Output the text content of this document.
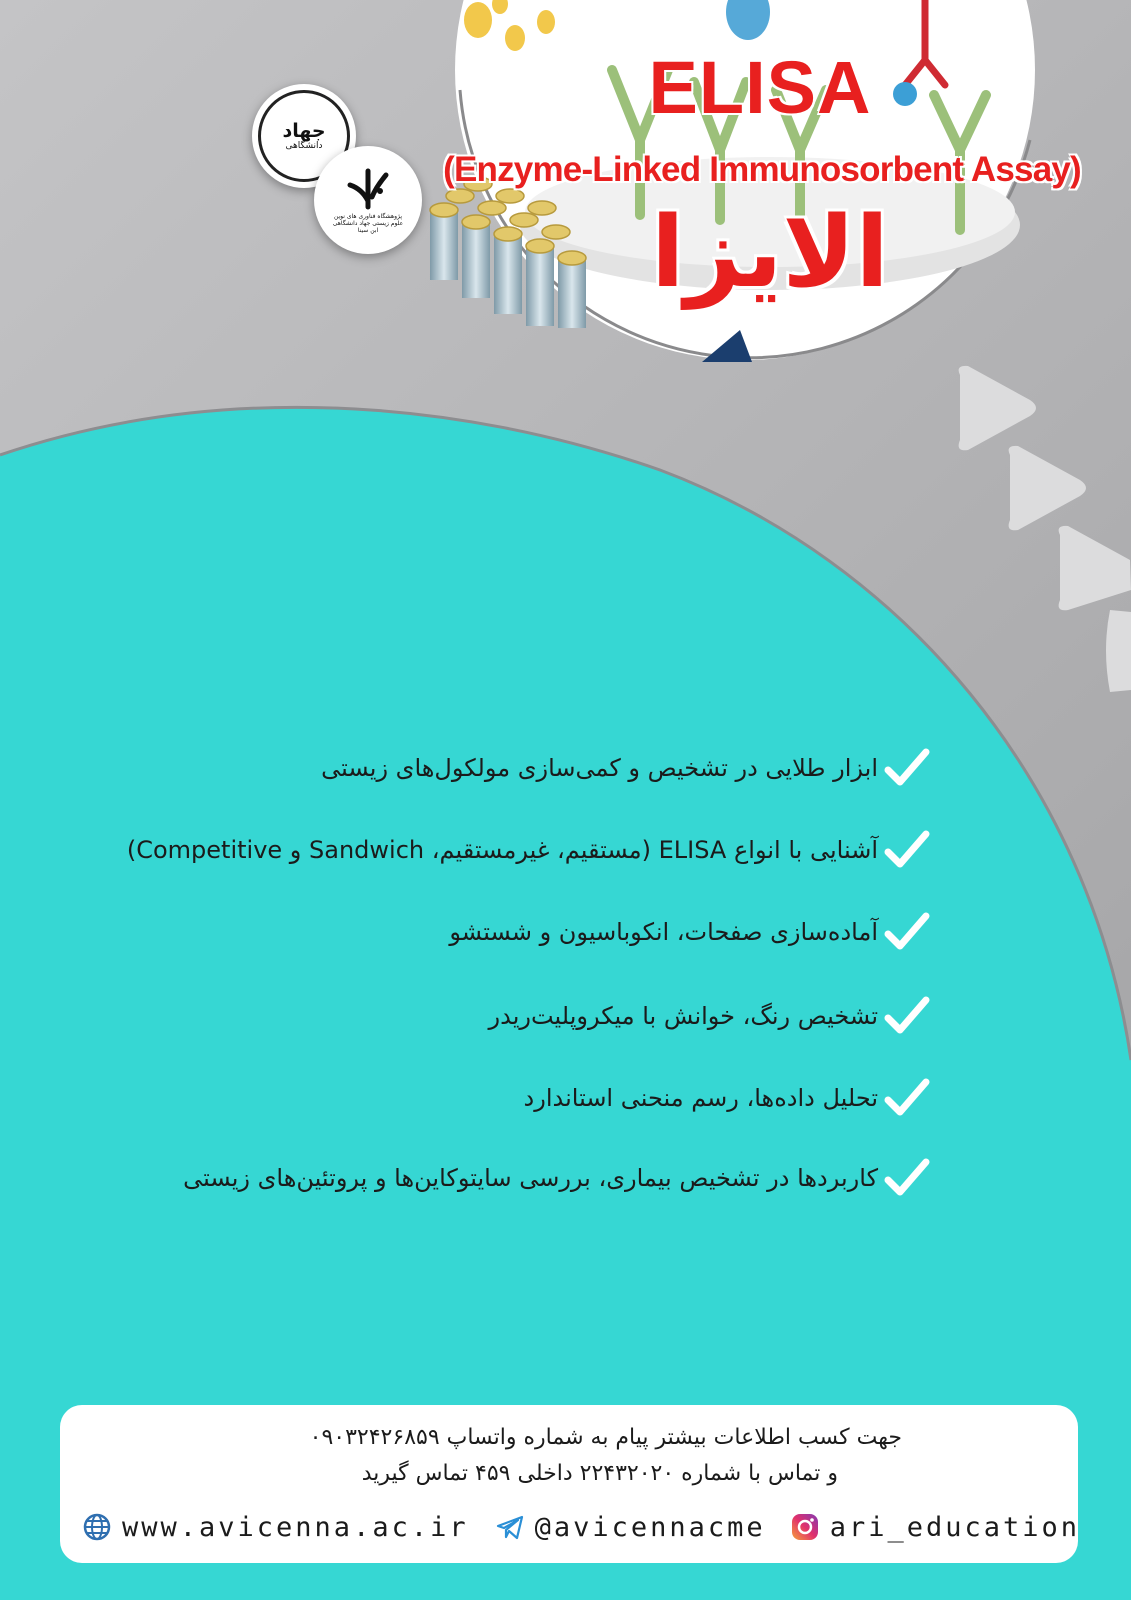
جهاد
دانشگاهی
پژوهشگاه فناوری های نوین علوم زیستی جهاد دانشگاهی ابن سینا
ELISA
(Enzyme-Linked Immunosorbent Assay)
الایزا
ابزار طلایی در تشخیص و کمی‌سازی مولکول‌های زیستی
آشنایی با انواع ELISA (مستقیم، غیرمستقیم، Sandwich و Competitive)
آماده‌سازی صفحات، انکوباسیون و شستشو
تشخیص رنگ، خوانش با میکروپلیت‌ریدر
تحلیل داده‌ها، رسم منحنی استاندارد
کاربردها در تشخیص بیماری، بررسی سایتوکاین‌ها و پروتئین‌های زیستی
جهت کسب اطلاعات بیشتر پیام به شماره واتساپ ۰۹۰۳۲۴۲۶۸۵۹
و تماس با شماره ۲۲۴۳۲۰۲۰ داخلی ۴۵۹ تماس گیرید
www.avicenna.ac.ir @avicennacme ari_education
